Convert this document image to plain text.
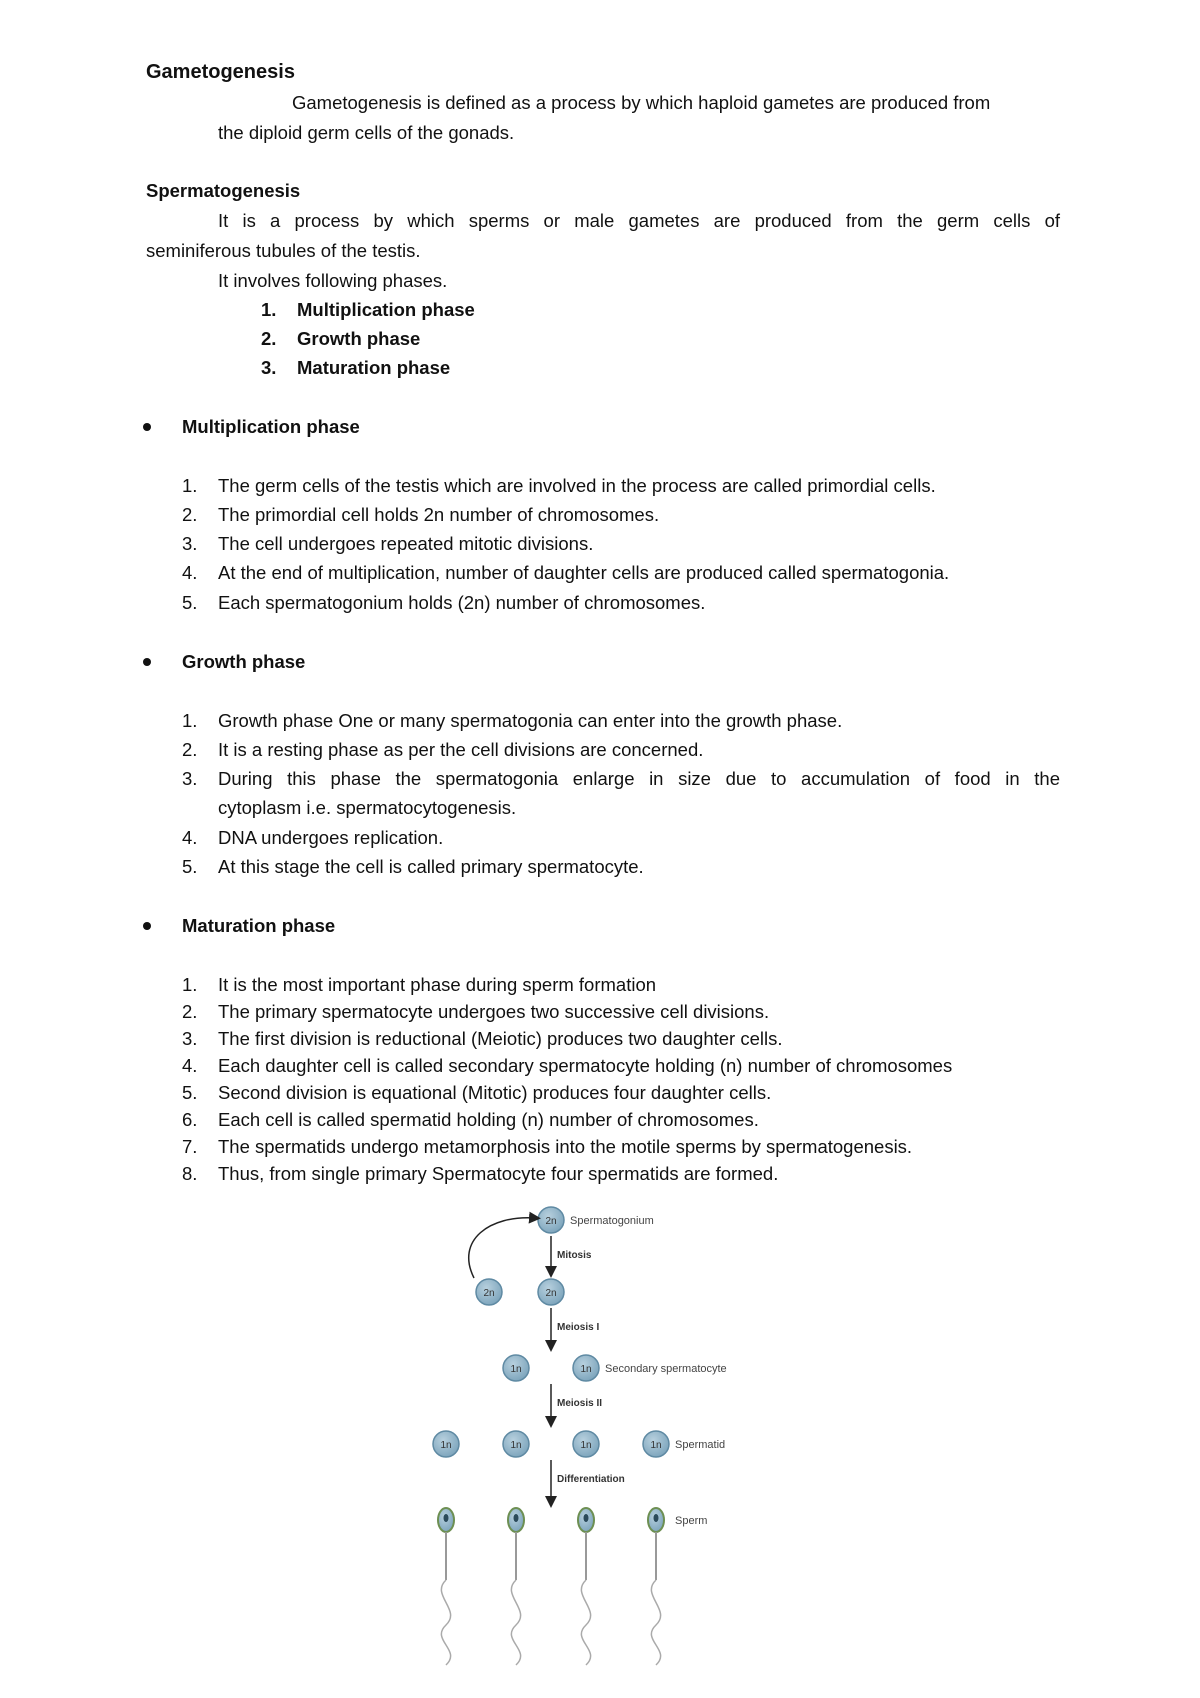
Gametogenesis
Gametogenesis is defined as a process by which haploid gametes are produced from
the diploid germ cells of the gonads.
Spermatogenesis
It is a process by which sperms or male gametes are produced from the germ cells of
seminiferous tubules of the testis.
It involves following phases.
1. Multiplication phase
2. Growth phase
3. Maturation phase
Multiplication phase
1. The germ cells of the testis which are involved in the process are called primordial cells.
2. The primordial cell holds 2n number of chromosomes.
3. The cell undergoes repeated mitotic divisions.
4. At the end of multiplication, number of daughter cells are produced called spermatogonia.
5. Each spermatogonium holds (2n) number of chromosomes.
Growth phase
1. Growth phase One or many spermatogonia can enter into the growth phase.
2. It is a resting phase as per the cell divisions are concerned.
3. During this phase the spermatogonia enlarge in size due to accumulation of food in the
cytoplasm i.e. spermatocytogenesis.
4. DNA undergoes replication.
5. At this stage the cell is called primary spermatocyte.
Maturation phase
1. It is the most important phase during sperm formation
2. The primary spermatocyte undergoes two successive cell divisions.
3. The first division is reductional (Meiotic) produces two daughter cells.
4. Each daughter cell is called secondary spermatocyte holding (n) number of chromosomes
5. Second division is equational (Mitotic) produces four daughter cells.
6. Each cell is called spermatid holding (n) number of chromosomes.
7. The spermatids undergo metamorphosis into the motile sperms by spermatogenesis.
8. Thus, from single primary Spermatocyte four spermatids are formed.
2n Spermatogonium
Mitosis
2n	2n
Meiosis I
1n	1n Secondary spermatocyte
Meiosis II
1n	1n	1n	1n Spermatid
Differentiation
Sperm
